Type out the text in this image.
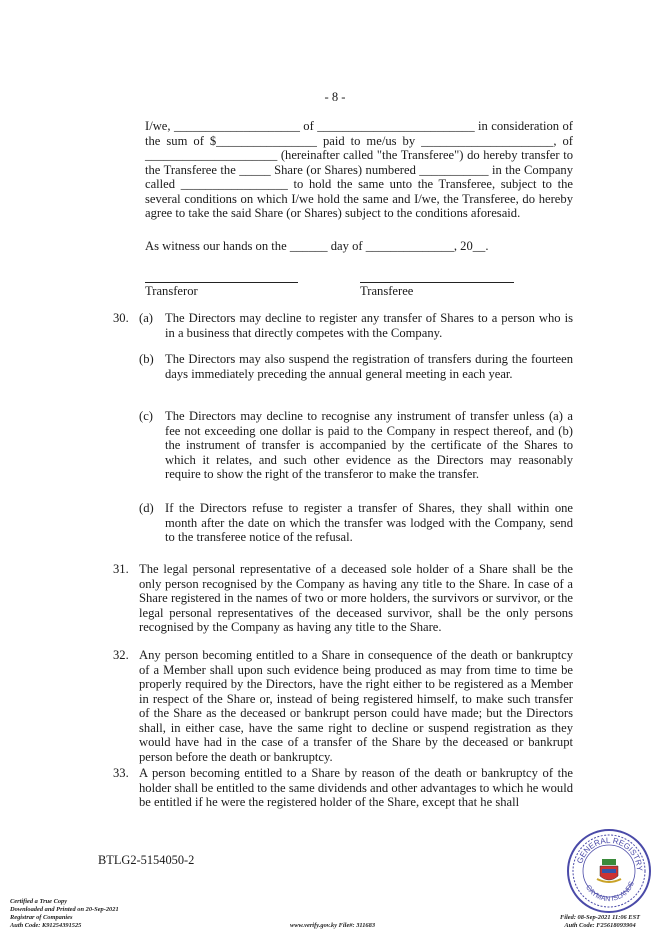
- 8 -
I/we, ____________________ of _________________________ in consideration of the sum of $________________ paid to me/us by _____________________, of _____________________ (hereinafter called "the Transferee") do hereby transfer to the Transferee the _____ Share (or Shares) numbered ___________ in the Company called _________________ to hold the same unto the Transferee, subject to the several conditions on which I/we hold the same and I/we, the Transferee, do hereby agree to take the said Share (or Shares) subject to the conditions aforesaid.
As witness our hands on the ______ day of ______________, 20__.
Transferor	Transferee
30. (a) The Directors may decline to register any transfer of Shares to a person who is in a business that directly competes with the Company.
(b) The Directors may also suspend the registration of transfers during the fourteen days immediately preceding the annual general meeting in each year.
(c) The Directors may decline to recognise any instrument of transfer unless (a) a fee not exceeding one dollar is paid to the Company in respect thereof, and (b) the instrument of transfer is accompanied by the certificate of the Shares to which it relates, and such other evidence as the Directors may reasonably require to show the right of the transferor to make the transfer.
(d) If the Directors refuse to register a transfer of Shares, they shall within one month after the date on which the transfer was lodged with the Company, send to the transferee notice of the refusal.
31. The legal personal representative of a deceased sole holder of a Share shall be the only person recognised by the Company as having any title to the Share. In case of a Share registered in the names of two or more holders, the survivors or survivor, or the legal personal representatives of the deceased survivor, shall be the only persons recognised by the Company as having any title to the Share.
32. Any person becoming entitled to a Share in consequence of the death or bankruptcy of a Member shall upon such evidence being produced as may from time to time be properly required by the Directors, have the right either to be registered as a Member in respect of the Share or, instead of being registered himself, to make such transfer of the Share as the deceased or bankrupt person could have made; but the Directors shall, in either case, have the same right to decline or suspend registration as they would have had in the case of a transfer of the Share by the deceased or bankrupt person before the death or bankruptcy.
33. A person becoming entitled to a Share by reason of the death or bankruptcy of the holder shall be entitled to the same dividends and other advantages to which he would be entitled if he were the registered holder of the Share, except that he shall
BTLG2-5154050-2
Certified a True Copy
Downloaded and Printed on 20-Sep-2021
Registrar of Companies
Auth Code: K91254391525	www.verify.gov.ky File#: 311683
Filed: 08-Sep-2021 11:06 EST
Auth Code: F25618093904
GENERAL REGISTRY
CAYMAN ISLANDS
